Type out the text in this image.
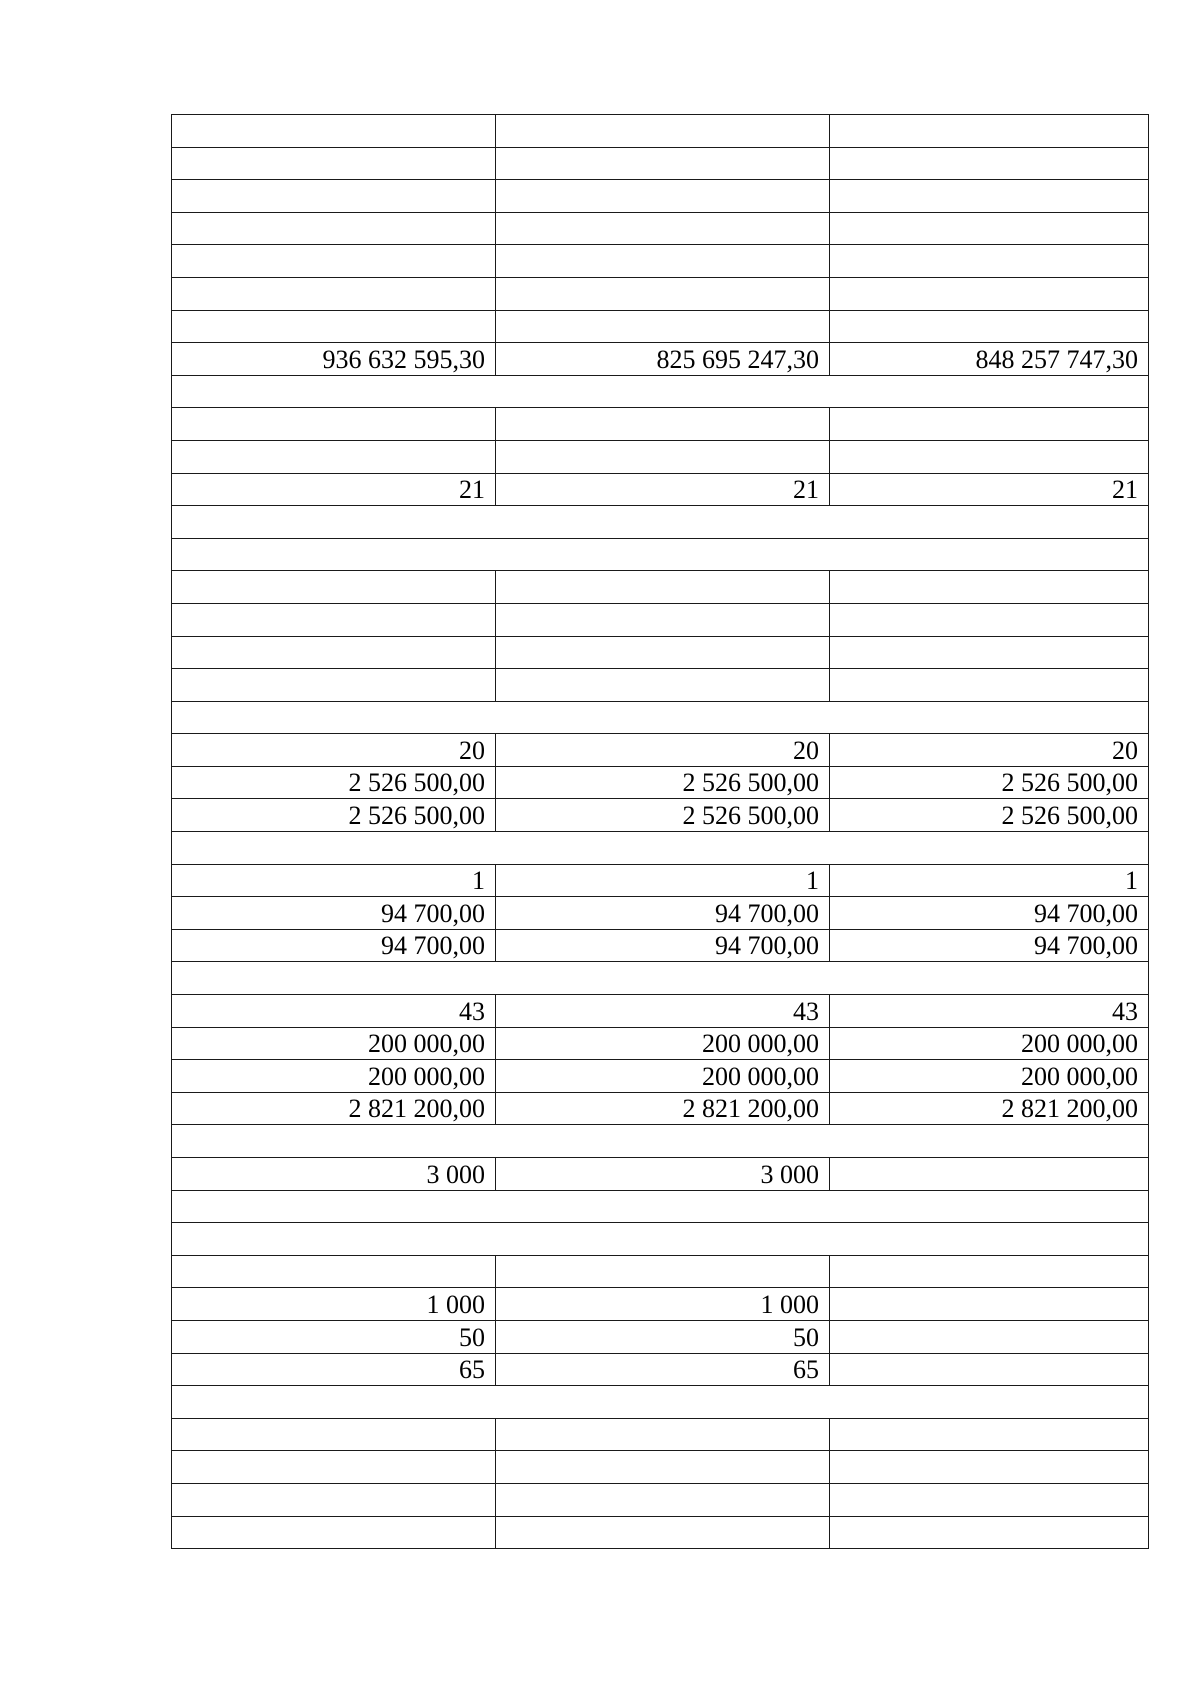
936 632 595,30	825 695 247,30	848 257 747,30

21	21	21

20	20	20
2 526 500,00	2 526 500,00	2 526 500,00
2 526 500,00	2 526 500,00	2 526 500,00

1	1	1
94 700,00	94 700,00	94 700,00
94 700,00	94 700,00	94 700,00

43	43	43
200 000,00	200 000,00	200 000,00
200 000,00	200 000,00	200 000,00
2 821 200,00	2 821 200,00	2 821 200,00

3 000	3 000	

1 000	1 000	
50	50	
65	65	
